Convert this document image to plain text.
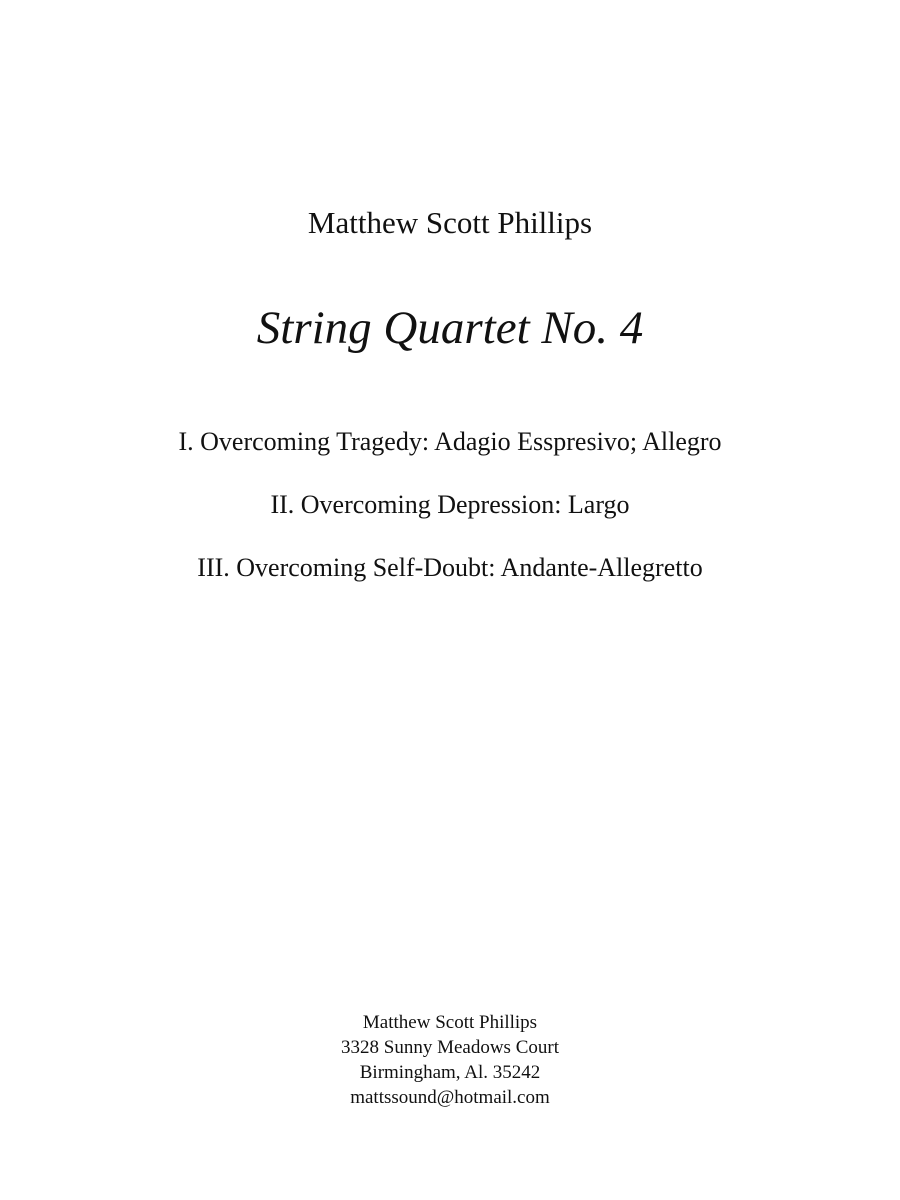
Matthew Scott Phillips
String Quartet No. 4
I. Overcoming Tragedy: Adagio Esspresivo; Allegro
II. Overcoming Depression: Largo
III. Overcoming Self-Doubt: Andante-Allegretto
Matthew Scott Phillips
3328 Sunny Meadows Court
Birmingham, Al. 35242
mattssound@hotmail.com
